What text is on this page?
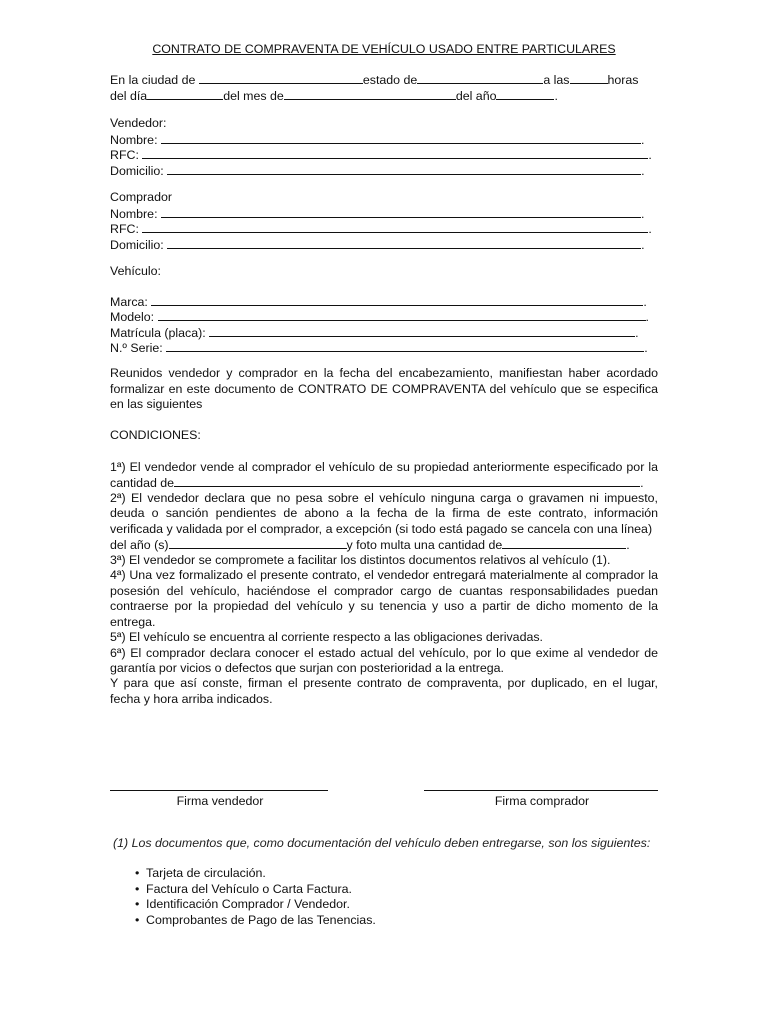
CONTRATO DE COMPRAVENTA DE VEHÍCULO USADO ENTRE PARTICULARES
En la ciudad de	estado de	a las	horas
del día	del mes de	del año	.
Vendedor:
Nombre:	.
RFC:	.
Domicilio:	.
Comprador
Nombre:	.
RFC:	.
Domicilio:	.
Vehículo:
Marca:	.
Modelo:	.
Matrícula (placa):	.
N.º Serie:	.
Reunidos vendedor y comprador en la fecha del encabezamiento, manifiestan haber acordado formalizar en este documento de CONTRATO DE COMPRAVENTA del vehículo que se especifica en las siguientes
CONDICIONES:

1ª) El vendedor vende al comprador el vehículo de su propiedad anteriormente especificado por la

cantidad de	.

2ª) El vendedor declara que no pesa sobre el vehículo ninguna carga o gravamen ni impuesto, deuda o sanción pendientes de abono a la fecha de la firma de este contrato, información verificada y validada por el comprador, a excepción (si todo está pagado se cancela con una línea)

del año (s)	y foto multa una cantidad de	.

3ª) El vendedor se compromete a facilitar los distintos documentos relativos al vehículo (1).

4ª) Una vez formalizado el presente contrato, el vendedor entregará materialmente al comprador la posesión del vehículo, haciéndose el comprador cargo de cuantas responsabilidades puedan contraerse por la propiedad del vehículo y su tenencia y uso a partir de dicho momento de la entrega.

5ª) El vehículo se encuentra al corriente respecto a las obligaciones derivadas.

6ª) El comprador declara conocer el estado actual del vehículo, por lo que exime al vendedor de garantía por vicios o defectos que surjan con posterioridad a la entrega.

Y para que así conste, firman el presente contrato de compraventa, por duplicado, en el lugar, fecha y hora arriba indicados.
Firma vendedor	Firma comprador
(1) Los documentos que, como documentación del vehículo deben entregarse, son los siguientes:
• Tarjeta de circulación.
• Factura del Vehículo o Carta Factura.
• Identificación Comprador / Vendedor.
• Comprobantes de Pago de las Tenencias.
